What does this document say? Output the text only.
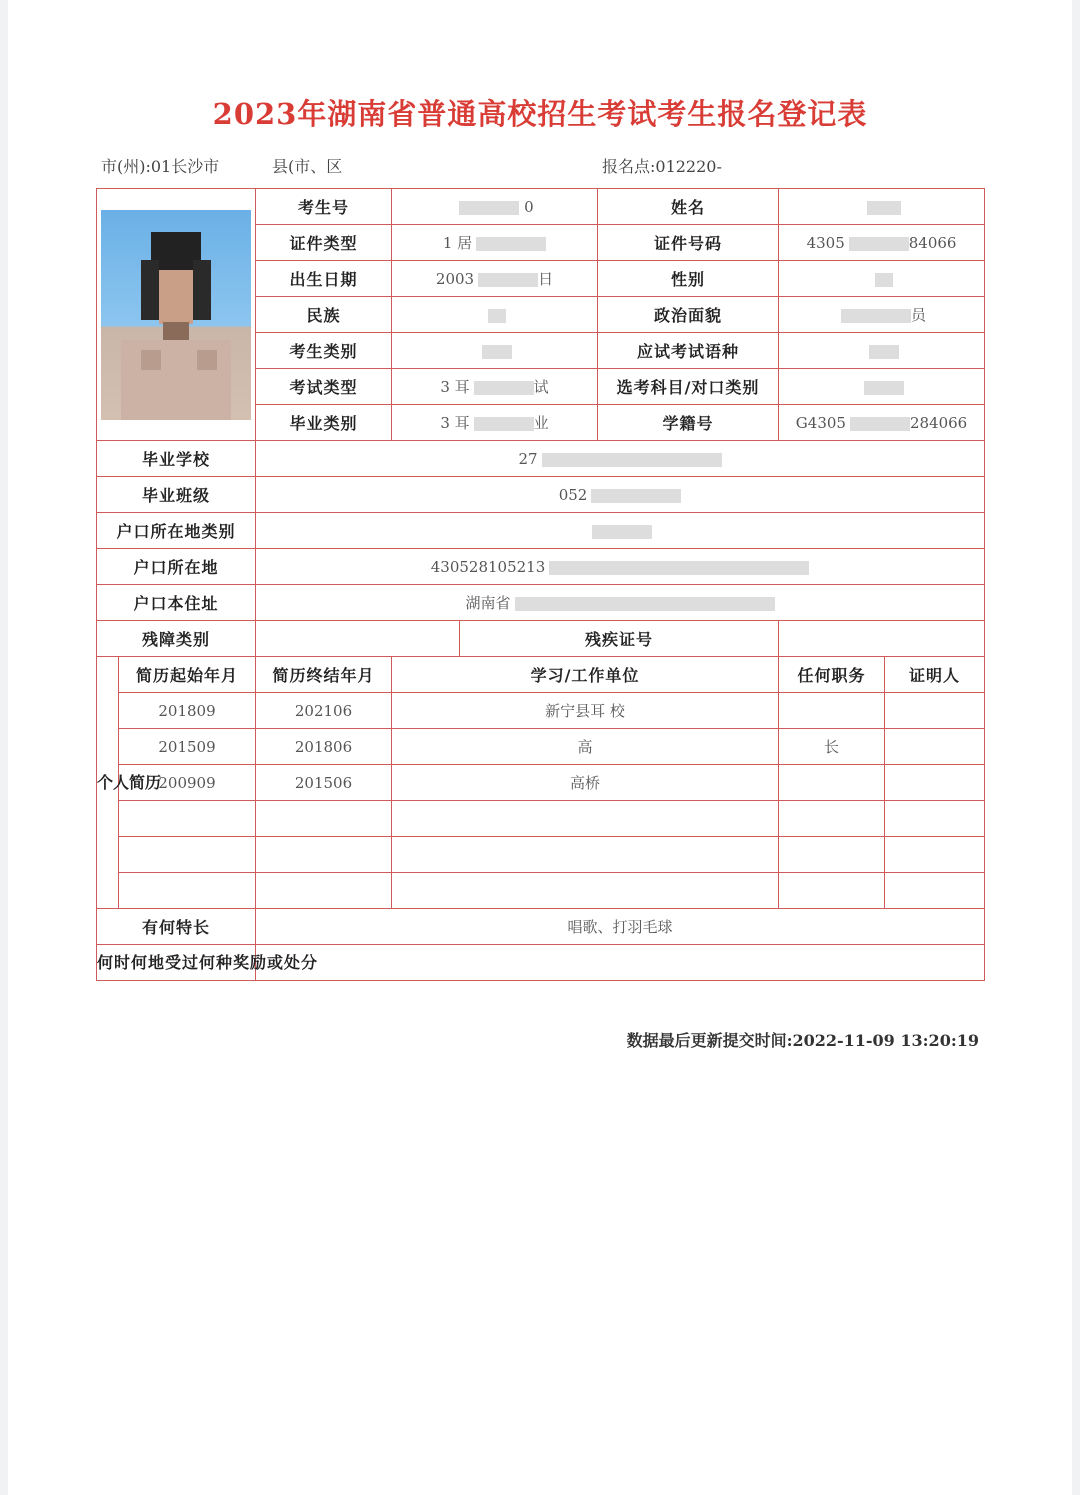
2023年湖南省普通高校招生考试考生报名登记表
市(州):01长沙市	县(市、区	报名点:012220-
		考生号	0		姓名		
		证件类型	1 居		证件号码	4305 84066	
		出生日期	2003 日		性别		
		民族			政治面貌	员	
		考生类别			应试考试语种		
		考试类型	3 耳 试		选考科目/对口类别		
		毕业类别	3 耳 业		学籍号	G4305 284066	
毕业学校		27					
毕业班级		052					
户口所在地类别							
户口所在地		430528105213					
户口本住址		湖南省					
残障类别				残疾证号			
个人简历	简历起始年月	简历终结年月	学习/工作单位			任何职务	证明人
	201809	202106	新宁县耳 校				
	201509	201806	高			长	
	200909	201506	高桥				

有何特长		唱歌、打羽毛球					
何时何地受过何种奖励或处分							
数据最后更新提交时间:2022-11-09 13:20:19
